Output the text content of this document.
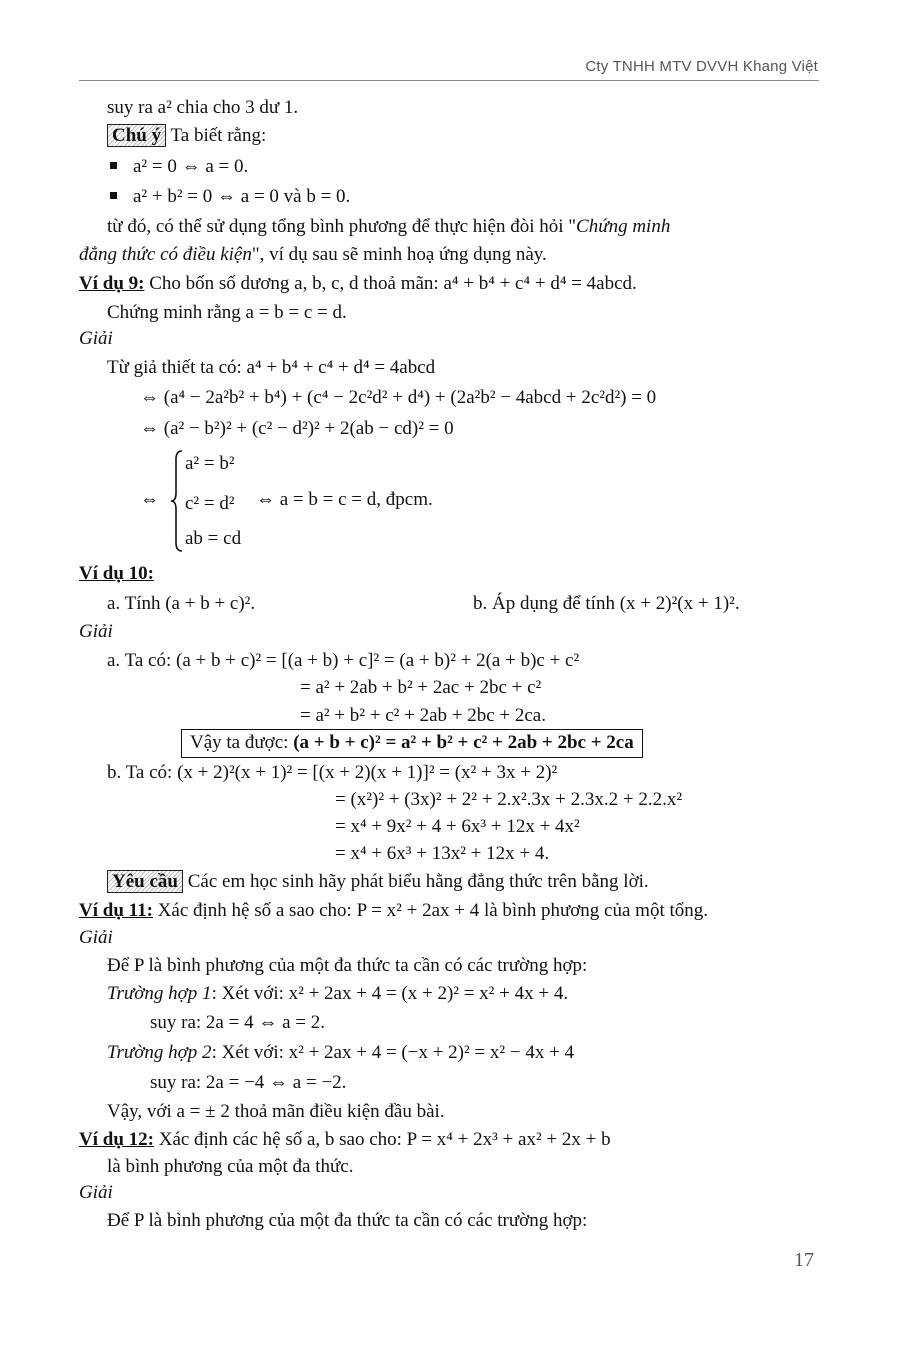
Cty TNHH MTV DVVH Khang Việt
suy ra a² chia cho 3 dư 1.
Chú ý Ta biết rằng:
a² = 0 ⇔ a = 0.
a² + b² = 0 ⇔ a = 0 và b = 0.
từ đó, có thể sử dụng tổng bình phương để thực hiện đòi hỏi "Chứng minh
đẳng thức có điều kiện", ví dụ sau sẽ minh hoạ ứng dụng này.
Ví dụ 9: Cho bốn số dương a, b, c, d thoả mãn: a⁴ + b⁴ + c⁴ + d⁴ = 4abcd.
Chứng minh rằng a = b = c = d.
Giải
Từ giả thiết ta có: a⁴ + b⁴ + c⁴ + d⁴ = 4abcd
⇔ (a⁴ − 2a²b² + b⁴) + (c⁴ − 2c²d² + d⁴) + (2a²b² − 4abcd + 2c²d²) = 0
⇔ (a² − b²)² + (c² − d²)² + 2(ab − cd)² = 0
⇔
a² = b²
c² = d²
ab = cd
⇔ a = b = c = d, đpcm.
Ví dụ 10:
a. Tính (a + b + c)².	b. Áp dụng để tính (x + 2)²(x + 1)².
Giải
a. Ta có: (a + b + c)² = [(a + b) + c]² = (a + b)² + 2(a + b)c + c²
= a² + 2ab + b² + 2ac + 2bc + c²
= a² + b² + c² + 2ab + 2bc + 2ca.
Vậy ta được: (a + b + c)² = a² + b² + c² + 2ab + 2bc + 2ca
b. Ta có: (x + 2)²(x + 1)² = [(x + 2)(x + 1)]² = (x² + 3x + 2)²
= (x²)² + (3x)² + 2² + 2.x².3x + 2.3x.2 + 2.2.x²
= x⁴ + 9x² + 4 + 6x³ + 12x + 4x²
= x⁴ + 6x³ + 13x² + 12x + 4.
Yêu cầu Các em học sinh hãy phát biểu hằng đẳng thức trên bằng lời.
Ví dụ 11: Xác định hệ số a sao cho: P = x² + 2ax + 4 là bình phương của một tổng.
Giải
Để P là bình phương của một đa thức ta cần có các trường hợp:
Trường hợp 1: Xét với: x² + 2ax + 4 = (x + 2)² = x² + 4x + 4.
suy ra: 2a = 4 ⇔ a = 2.
Trường hợp 2: Xét với: x² + 2ax + 4 = (−x + 2)² = x² − 4x + 4
suy ra: 2a = −4 ⇔ a = −2.
Vậy, với a = ± 2 thoả mãn điều kiện đầu bài.
Ví dụ 12: Xác định các hệ số a, b sao cho: P = x⁴ + 2x³ + ax² + 2x + b
là bình phương của một đa thức.
Giải
Để P là bình phương của một đa thức ta cần có các trường hợp:
17
